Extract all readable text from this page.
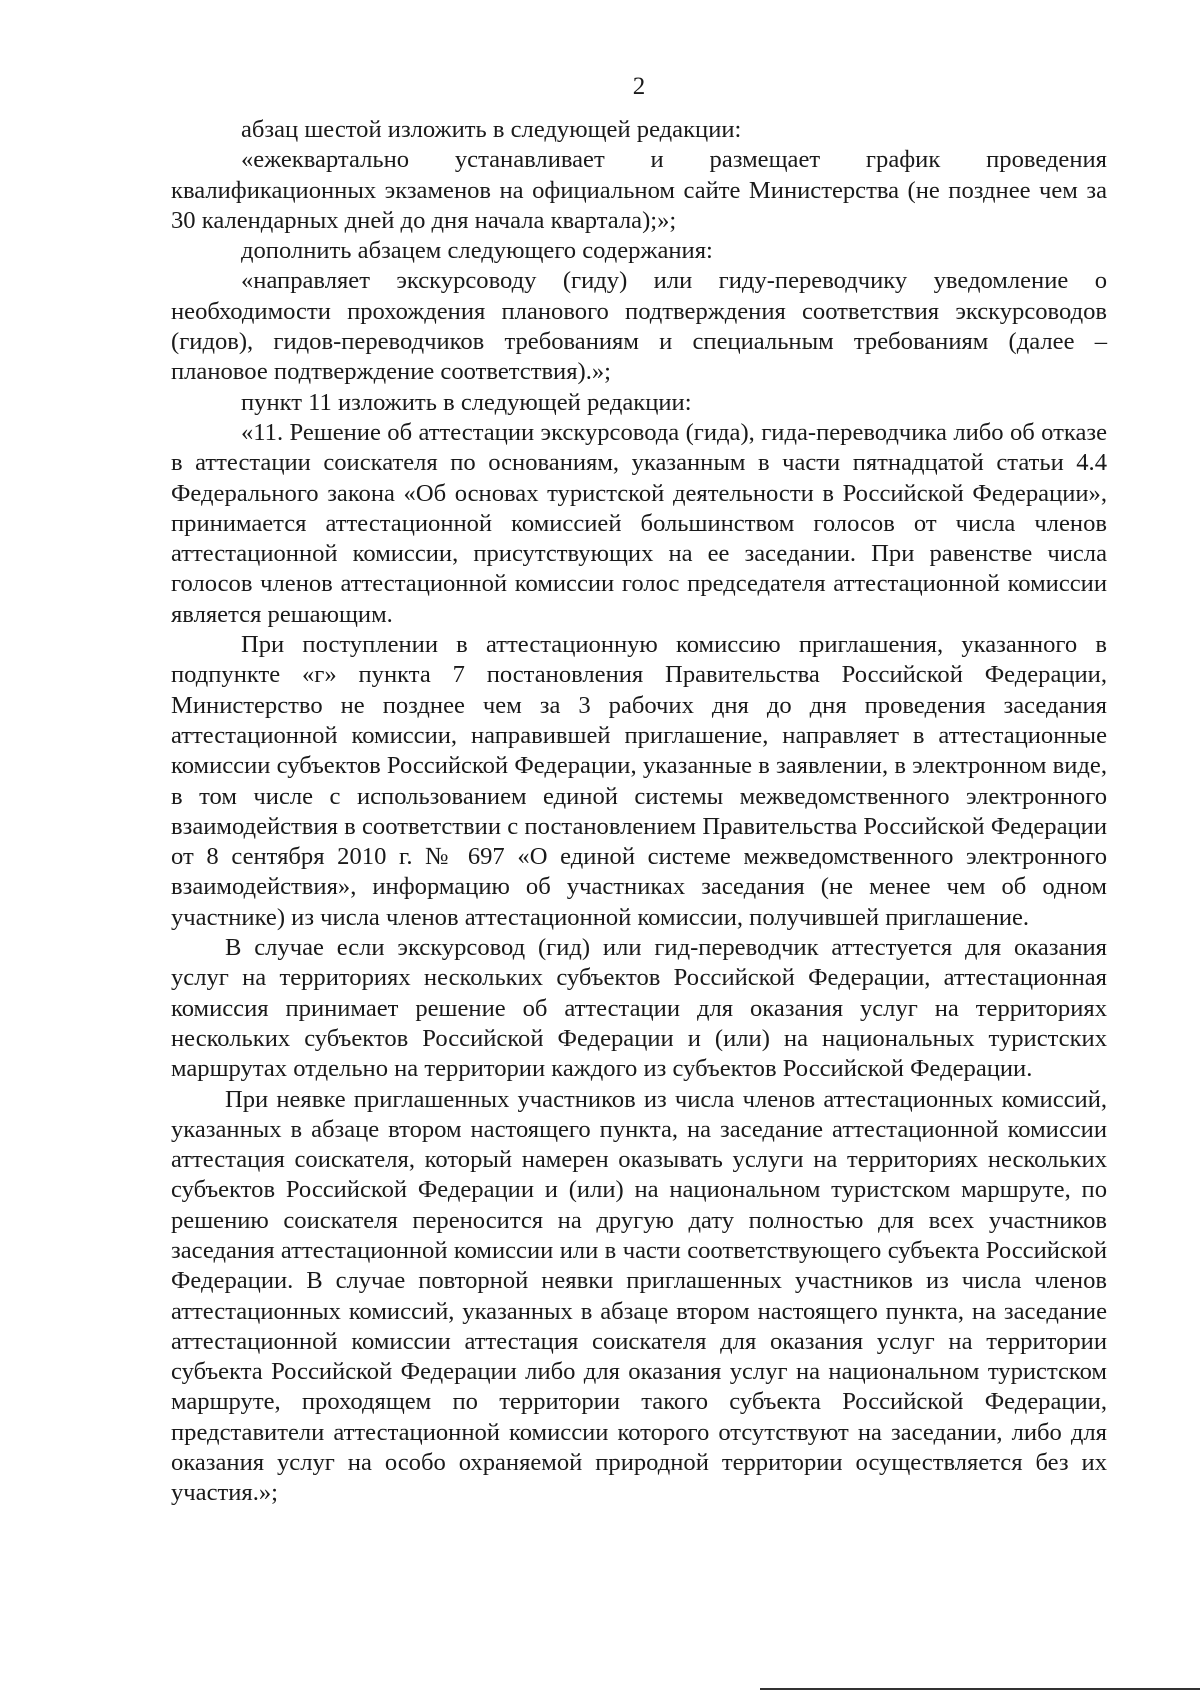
2

абзац шестой изложить в следующей редакции:

«ежеквартально устанавливает и размещает график проведения квалификационных экзаменов на официальном сайте Министерства (не позднее чем за 30 календарных дней до дня начала квартала);»;

дополнить абзацем следующего содержания:

«направляет экскурсоводу (гиду) или гиду-переводчику уведомление о необходимости прохождения планового подтверждения соответствия экскурсоводов (гидов), гидов-переводчиков требованиям и специальным требованиям (далее – плановое подтверждение соответствия).»;

пункт 11 изложить в следующей редакции:

«11. Решение об аттестации экскурсовода (гида), гида-переводчика либо об отказе в аттестации соискателя по основаниям, указанным в части пятнадцатой статьи 4.4 Федерального закона «Об основах туристской деятельности в Российской Федерации», принимается аттестационной комиссией большинством голосов от числа членов аттестационной комиссии, присутствующих на ее заседании. При равенстве числа голосов членов аттестационной комиссии голос председателя аттестационной комиссии является решающим.

При поступлении в аттестационную комиссию приглашения, указанного в подпункте «г» пункта 7 постановления Правительства Российской Федерации, Министерство не позднее чем за 3 рабочих дня до дня проведения заседания аттестационной комиссии, направившей приглашение, направляет в аттестационные комиссии субъектов Российской Федерации, указанные в заявлении, в электронном виде, в том числе с использованием единой системы межведомственного электронного взаимодействия в соответствии с постановлением Правительства Российской Федерации от 8 сентября 2010 г. № 697 «О единой системе межведомственного электронного взаимодействия», информацию об участниках заседания (не менее чем об одном участнике) из числа членов аттестационной комиссии, получившей приглашение.

В случае если экскурсовод (гид) или гид-переводчик аттестуется для оказания услуг на территориях нескольких субъектов Российской Федерации, аттестационная комиссия принимает решение об аттестации для оказания услуг на территориях нескольких субъектов Российской Федерации и (или) на национальных туристских маршрутах отдельно на территории каждого из субъектов Российской Федерации.

При неявке приглашенных участников из числа членов аттестационных комиссий, указанных в абзаце втором настоящего пункта, на заседание аттестационной комиссии аттестация соискателя, который намерен оказывать услуги на территориях нескольких субъектов Российской Федерации и (или) на национальном туристском маршруте, по решению соискателя переносится на другую дату полностью для всех участников заседания аттестационной комиссии или в части соответствующего субъекта Российской Федерации. В случае повторной неявки приглашенных участников из числа членов аттестационных комиссий, указанных в абзаце втором настоящего пункта, на заседание аттестационной комиссии аттестация соискателя для оказания услуг на территории субъекта Российской Федерации либо для оказания услуг на национальном туристском маршруте, проходящем по территории такого субъекта Российской Федерации, представители аттестационной комиссии которого отсутствуют на заседании, либо для оказания услуг на особо охраняемой природной территории осуществляется без их участия.»;
